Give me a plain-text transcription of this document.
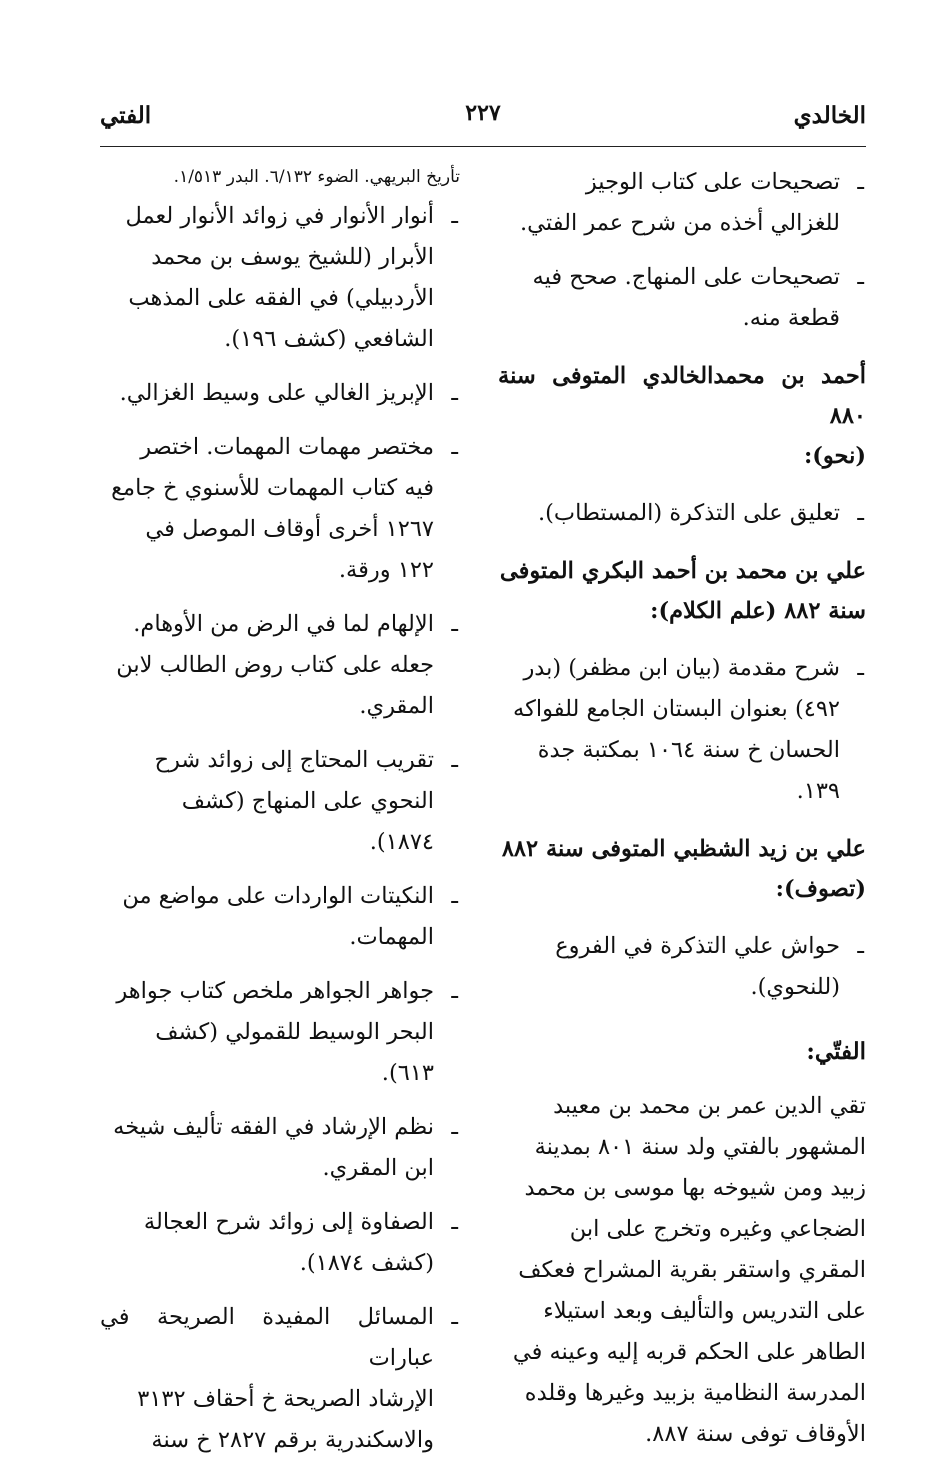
الخالدي
٢٢٧
الفتي
ـ
تصحيحات على كتاب الوجيز
للغزالي أخذه من شرح عمر الفتي.
ـ
تصحيحات على المنهاج. صحح فيه
قطعة منه.
أحمد بن محمدالخالدي المتوفى سنة ٨٨٠
(نحو):
ـ
تعليق على التذكرة (المستطاب).
علي بن محمد بن أحمد البكري المتوفى
سنة ٨٨٢ (علم الكلام):
ـ
شرح مقدمة (بيان ابن مظفر) (بدر
٤٩٢) بعنوان البستان الجامع للفواكه
الحسان خ سنة ١٠٦٤ بمكتبة جدة
١٣٩.
علي بن زيد الشظبي المتوفى سنة ٨٨٢
(تصوف):
ـ
حواش علي التذكرة في الفروع
(للنحوي).
الفتّي:
تقي الدين عمر بن محمد بن معيبد
المشهور بالفتي ولد سنة ٨٠١ بمدينة
زبيد ومن شيوخه بها موسى بن محمد
الضجاعي وغيره وتخرج على ابن
المقري واستقر بقرية المشراح فعكف
على التدريس والتأليف وبعد استيلاء
الطاهر على الحكم قربه إليه وعينه في
المدرسة النظامية بزبيد وغيرها وقلده
الأوقاف توفى سنة ٨٨٧.
تأريخ البريهي. الضوء ٦/١٣٢. البدر ١/٥١٣.
ـ
أنوار الأنوار في زوائد الأنوار لعمل
الأبرار (للشيخ يوسف بن محمد
الأردبيلي) في الفقه على المذهب
الشافعي (كشف ١٩٦).
ـ
الإبريز الغالي على وسيط الغزالي.
ـ
مختصر مهمات المهمات. اختصر
فيه كتاب المهمات للأسنوي خ جامع
١٢٦٧ أخرى أوقاف الموصل في
١٢٢ ورقة.
ـ
الإلهام لما في الرض من الأوهام.
جعله على كتاب روض الطالب لابن
المقري.
ـ
تقريب المحتاج إلى زوائد شرح
النحوي على المنهاج (كشف
١٨٧٤).
ـ
النكيتات الواردات على مواضع من
المهمات.
ـ
جواهر الجواهر ملخص كتاب جواهر
البحر الوسيط للقمولي (كشف
٦١٣).
ـ
نظم الإرشاد في الفقه تأليف شيخه
ابن المقري.
ـ
الصفاوة إلى زوائد شرح العجالة
(كشف ١٨٧٤).
ـ
المسائل المفيدة الصريحة في عبارات
الإرشاد الصريحة خ أحقاف ٣١٣٢
والاسكندرية برقم ٢٨٢٧ خ سنة
